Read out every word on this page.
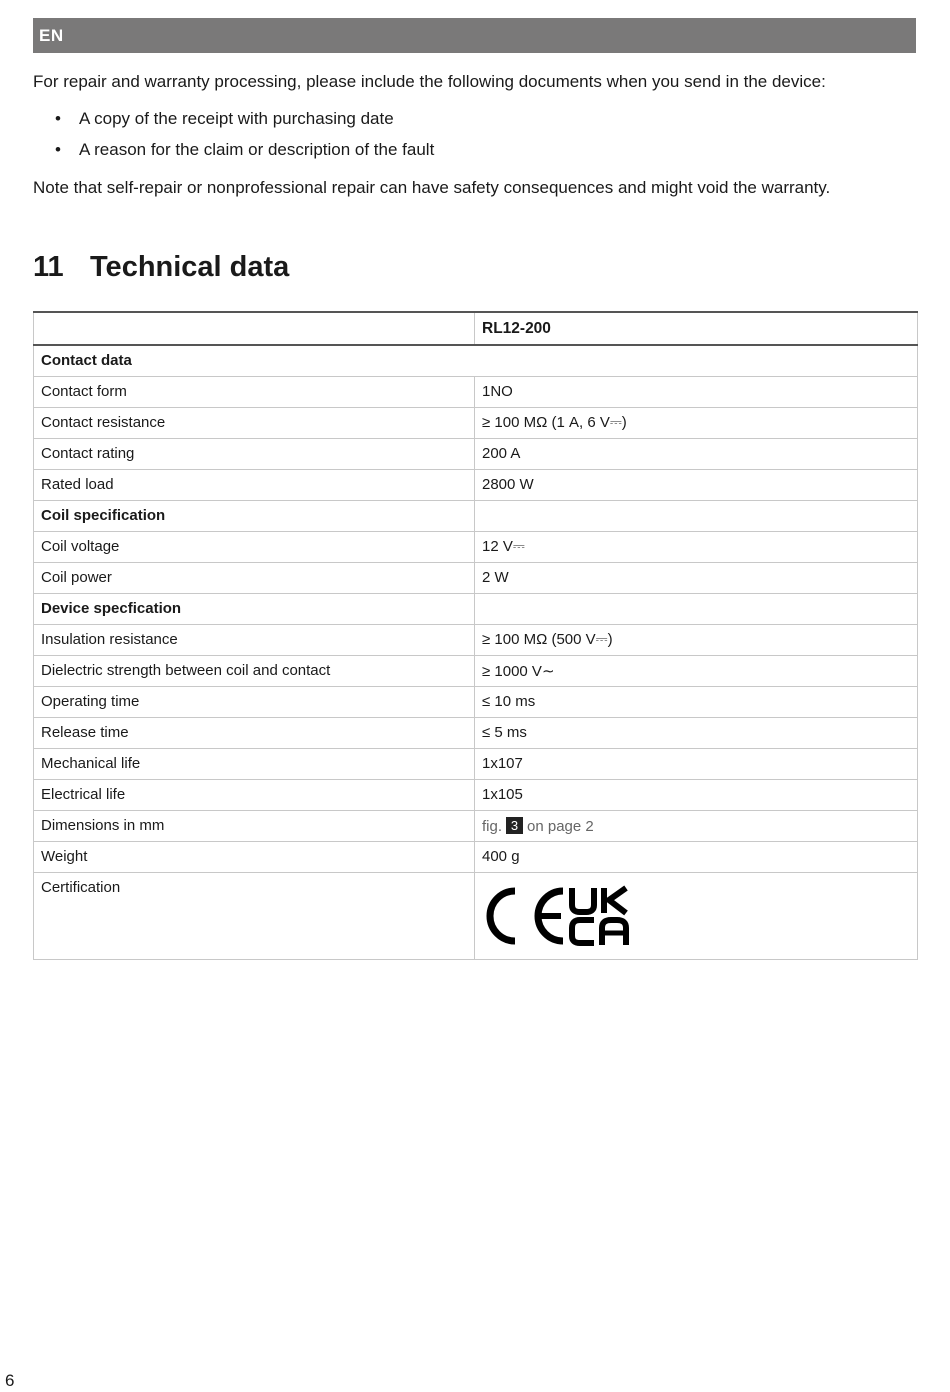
EN

For repair and warranty processing, please include the following documents when you send in the device:

• A copy of the receipt with purchasing date
• A reason for the claim or description of the fault

Note that self-repair or nonprofessional repair can have safety consequences and might void the warranty.

11 Technical data
	RL12-200
Contact data	
Contact form	1NO
Contact resistance	≥ 100 MΩ (1 A, 6 V⎓)
Contact rating	200 A
Rated load	2800 W
Coil specification	
Coil voltage	12 V⎓
Coil power	2 W
Device specfication	
Insulation resistance	≥ 100 MΩ (500 V⎓)
Dielectric strength between coil and contact	≥ 1000 V∼
Operating time	≤ 10 ms
Release time	≤ 5 ms
Mechanical life	1x107
Electrical life	1x105
Dimensions in mm	fig. 3 on page 2
Weight	400 g
Certification	
6
